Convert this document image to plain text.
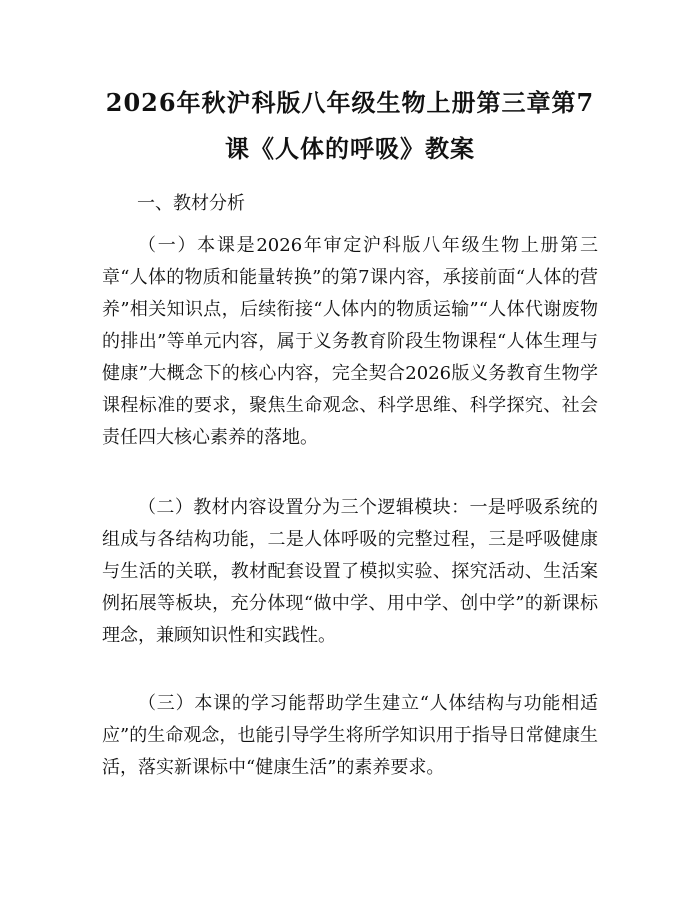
2026年秋沪科版八年级生物上册第三章第7课《人体的呼吸》教案
一、教材分析

（一）本课是2026年审定沪科版八年级生物上册第三章“人体的物质和能量转换”的第7课内容，承接前面“人体的营养”相关知识点，后续衔接“人体内的物质运输”“人体代谢废物的排出”等单元内容，属于义务教育阶段生物课程“人体生理与健康”大概念下的核心内容，完全契合2026版义务教育生物学课程标准的要求，聚焦生命观念、科学思维、科学探究、社会责任四大核心素养的落地。

（二）教材内容设置分为三个逻辑模块：一是呼吸系统的组成与各结构功能，二是人体呼吸的完整过程，三是呼吸健康与生活的关联，教材配套设置了模拟实验、探究活动、生活案例拓展等板块，充分体现“做中学、用中学、创中学”的新课标理念，兼顾知识性和实践性。

（三）本课的学习能帮助学生建立“人体结构与功能相适应”的生命观念，也能引导学生将所学知识用于指导日常健康生活，落实新课标中“健康生活”的素养要求。
